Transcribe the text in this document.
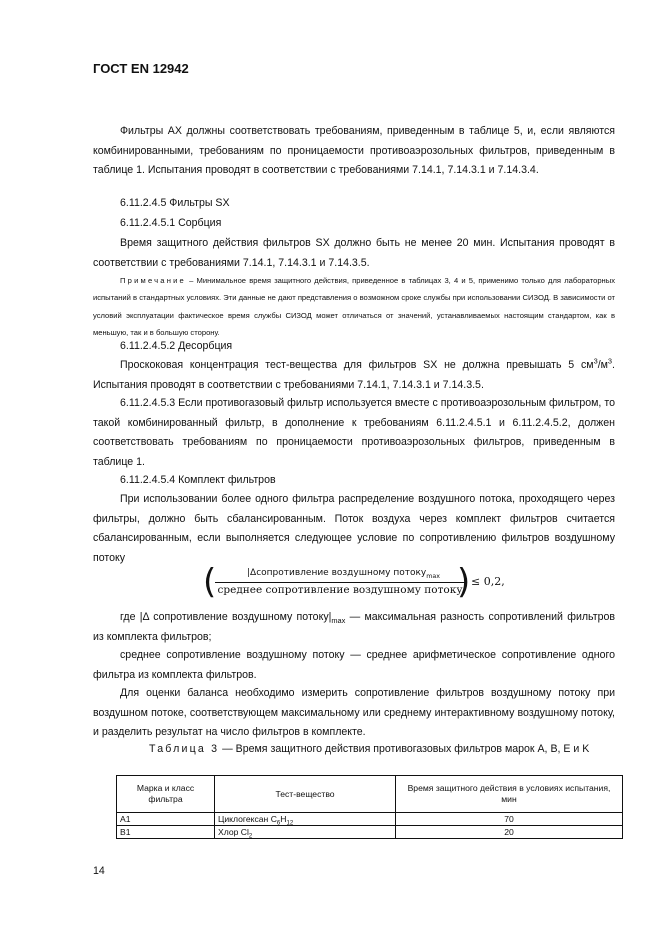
ГОСТ EN 12942
Фильтры AX должны соответствовать требованиям, приведенным в таблице 5, и, если являются комбинированными, требованиям по проницаемости противоаэрозольных фильтров, приведенным в таблице 1. Испытания проводят в соответствии с требованиями 7.14.1, 7.14.3.1 и 7.14.3.4.
6.11.2.4.5 Фильтры SX
6.11.2.4.5.1 Сорбция
Время защитного действия фильтров SX должно быть не менее 20 мин. Испытания проводят в соответствии с требованиями 7.14.1, 7.14.3.1 и 7.14.3.5.
Примечание – Минимальное время защитного действия, приведенное в таблицах 3, 4 и 5, применимо только для лабораторных испытаний в стандартных условиях. Эти данные не дают представления о возможном сроке службы при использовании СИЗОД. В зависимости от условий эксплуатации фактическое время службы СИЗОД может отличаться от значений, устанавливаемых настоящим стандартом, как в меньшую, так и в большую сторону.
6.11.2.4.5.2 Десорбция
Проскоковая концентрация тест-вещества для фильтров SX не должна превышать 5 $см^3/м^3$. Испытания проводят в соответствии с требованиями 7.14.1, 7.14.3.1 и 7.14.3.5.
6.11.2.4.5.3 Если противогазовый фильтр используется вместе с противоаэрозольным фильтром, то такой комбинированный фильтр, в дополнение к требованиям 6.11.2.4.5.1 и 6.11.2.4.5.2, должен соответствовать требованиям по проницаемости противоаэрозольных фильтров, приведенным в таблице 1.
6.11.2.4.5.4 Комплект фильтров
При использовании более одного фильтра распределение воздушного потока, проходящего через фильтры, должно быть сбалансированным. Поток воздуха через комплект фильтров считается сбалансированным, если выполняется следующее условие по сопротивлению фильтров воздушному потоку
(	|Δсопротивление воздушному потоку$_{max}$
среднее сопротивление воздушному потоку
) ≤ 0,2,
где |Δ сопротивление воздушному $потоку|_{max}$ — максимальная разность сопротивлений фильтров из комплекта фильтров;
среднее сопротивление воздушному потоку — среднее арифметическое сопротивление одного фильтра из комплекта фильтров.
Для оценки баланса необходимо измерить сопротивление фильтров воздушному потоку при воздушном потоке, соответствующем максимальному или среднему интерактивному воздушному потоку, и разделить результат на число фильтров в комплекте.
Таблица 3 — Время защитного действия противогазовых фильтров марок A, B, E и K
Марка и класс фильтра	Тест-вещество	Время защитного действия в условиях испытания, мин
A1	Циклогексан $C_6H_{12}$	70
B1	Хлор $Cl_2$	20
14
